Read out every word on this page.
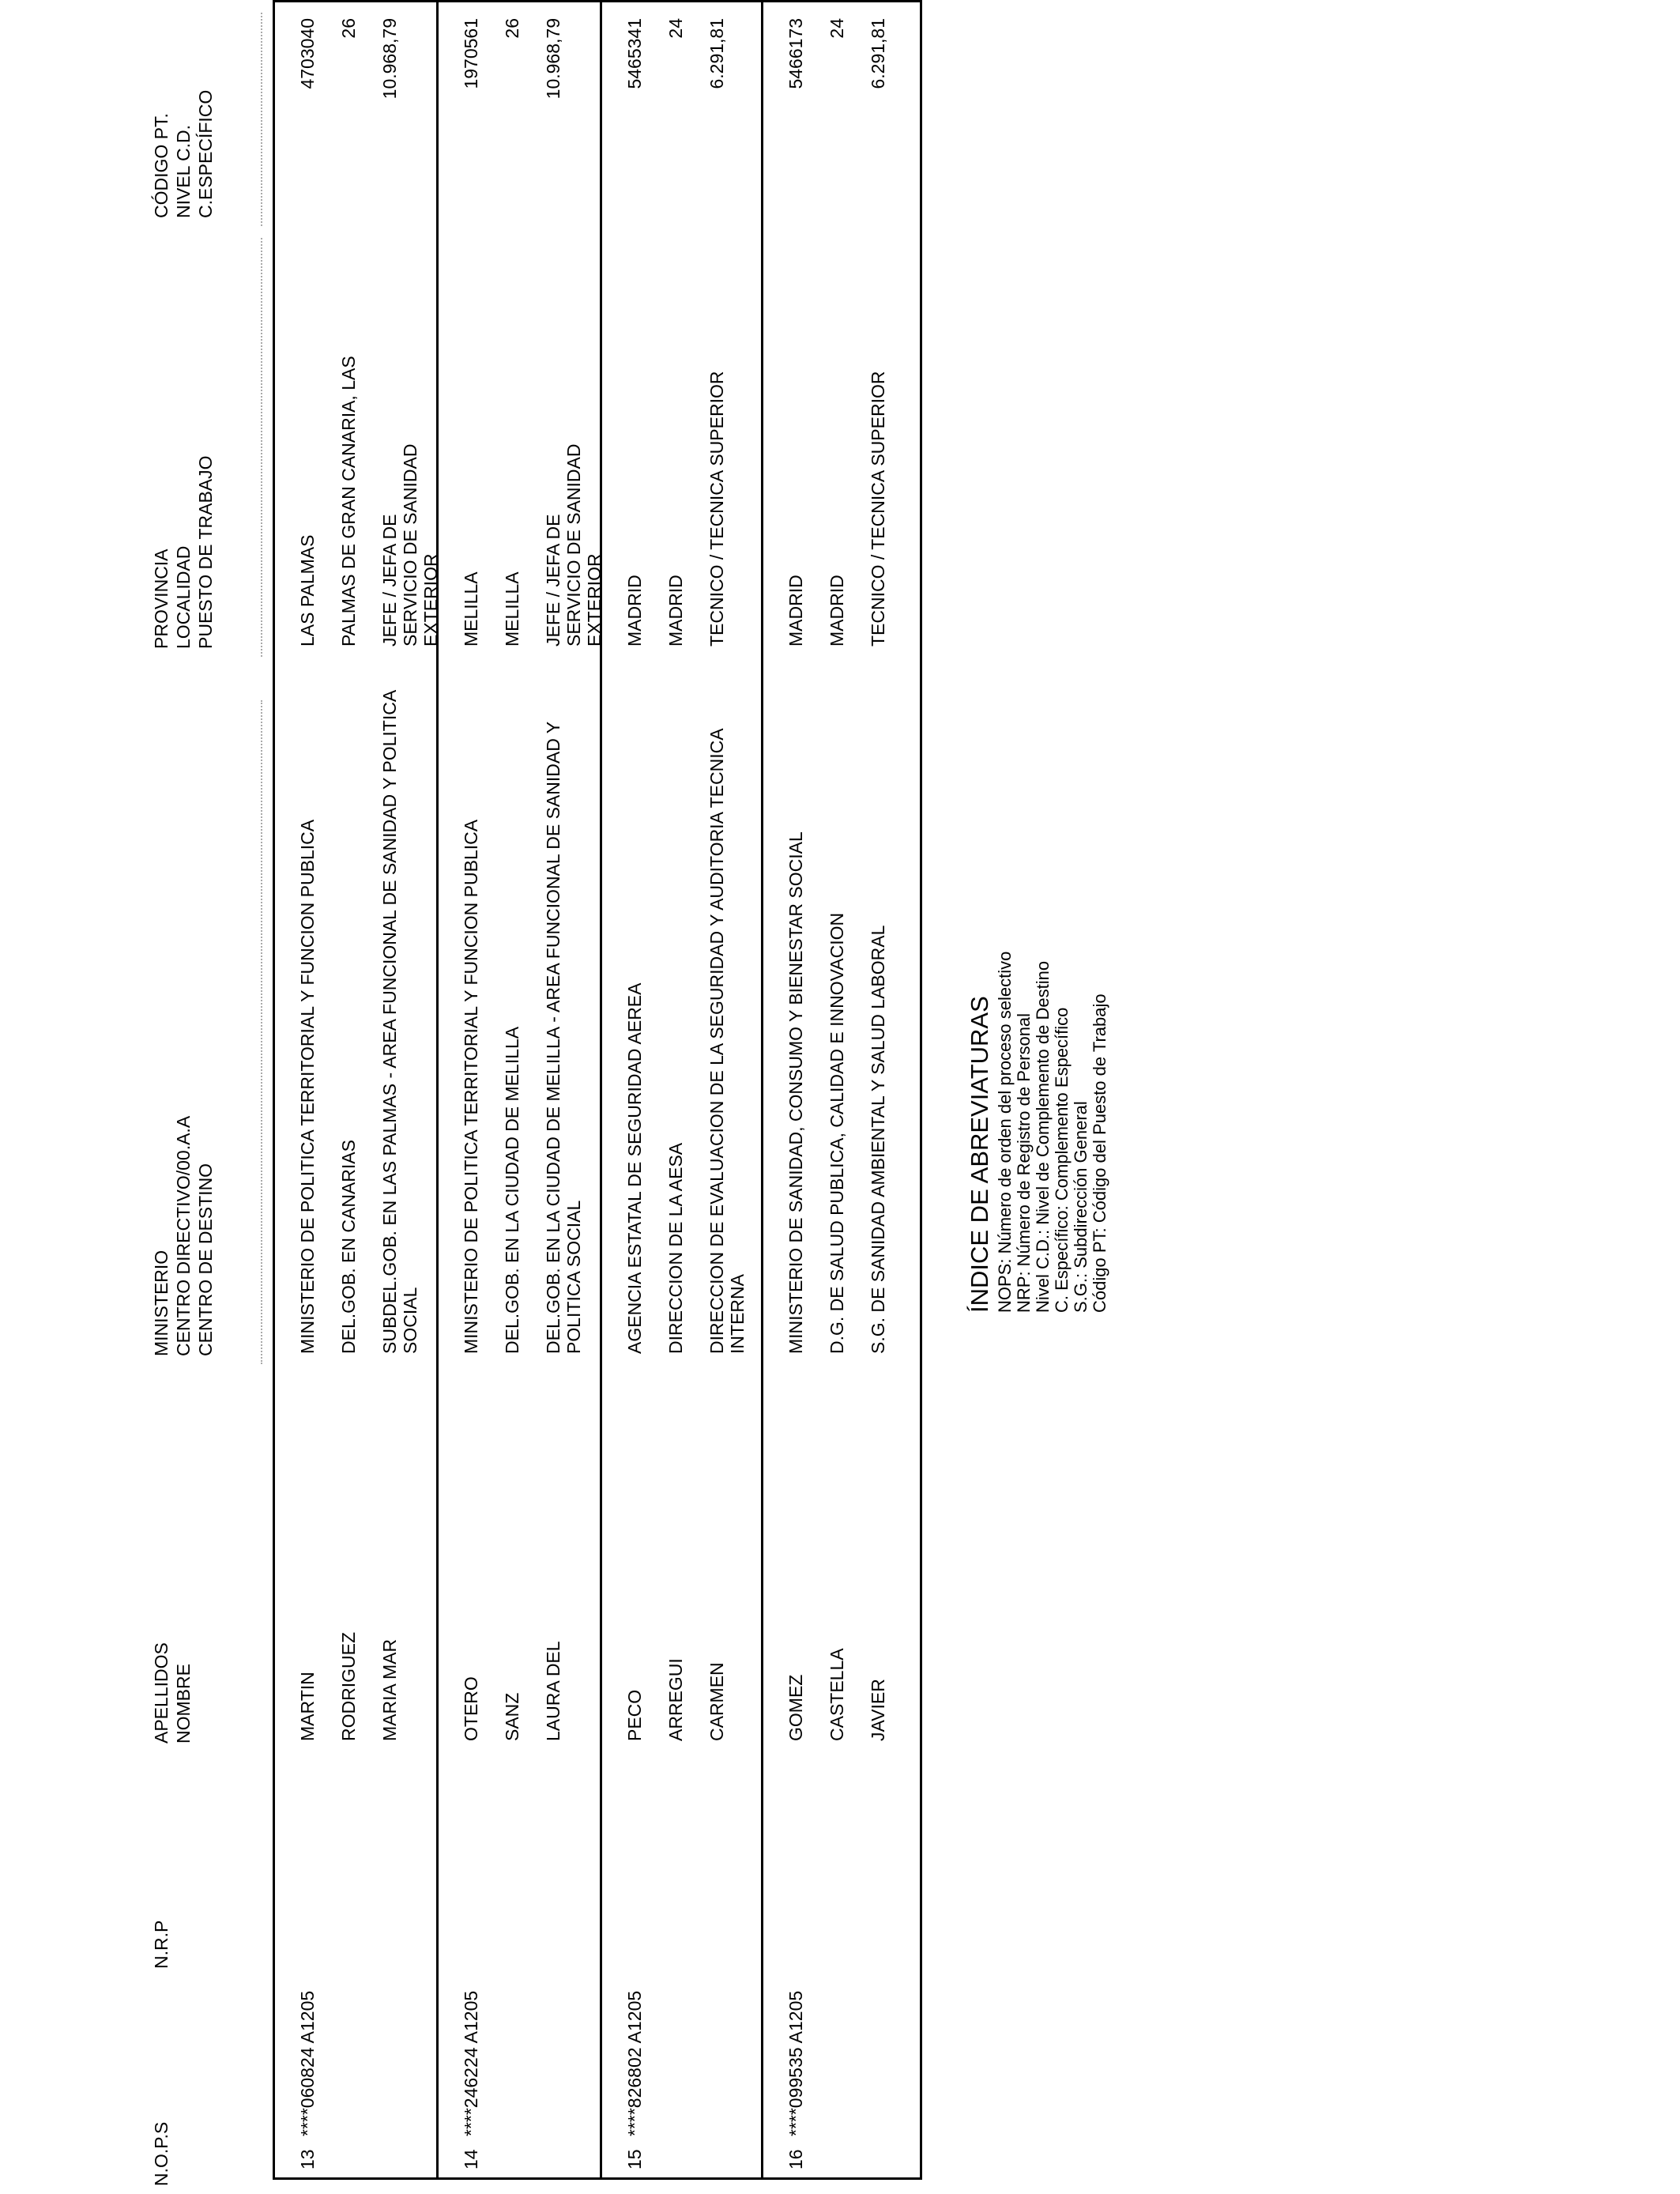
N.O.P.S
N.R.P
APELLIDOS NOMBRE
MINISTERIO CENTRO DIRECTIVO/00.A.A CENTRO DE DESTINO
PROVINCIA LOCALIDAD PUESTO DE TRABAJO
CÓDIGO PT. NIVEL C.D. C.ESPECÍFICO
13
****060824 A1205
MARTIN RODRIGUEZ MARIA MAR
MINISTERIO DE POLITICA TERRITORIAL Y FUNCION PUBLICA DEL.GOB. EN CANARIAS SUBDEL.GOB. EN LAS PALMAS - AREA FUNCIONAL DE SANIDAD Y POLITICA SOCIAL
LAS PALMAS PALMAS DE GRAN CANARIA, LAS JEFE / JEFA DE SERVICIO DE SANIDAD EXTERIOR
4703040 26 10.968,79
14
****246224 A1205
OTERO SANZ LAURA DEL
MINISTERIO DE POLITICA TERRITORIAL Y FUNCION PUBLICA DEL.GOB. EN LA CIUDAD DE MELILLA DEL.GOB. EN LA CIUDAD DE MELILLA - AREA FUNCIONAL DE SANIDAD Y POLITICA SOCIAL
MELILLA MELILLA JEFE / JEFA DE SERVICIO DE SANIDAD EXTERIOR
1970561 26 10.968,79
15
****826802 A1205
PECO ARREGUI CARMEN
AGENCIA ESTATAL DE SEGURIDAD AEREA DIRECCION DE LA AESA DIRECCION DE EVALUACION DE LA SEGURIDAD Y AUDITORIA TECNICA INTERNA
MADRID MADRID TECNICO / TECNICA SUPERIOR
5465341 24 6.291,81
16
****099535 A1205
GOMEZ CASTELLA JAVIER
MINISTERIO DE SANIDAD, CONSUMO Y BIENESTAR SOCIAL D.G. DE SALUD PUBLICA, CALIDAD E INNOVACION S.G. DE SANIDAD AMBIENTAL Y SALUD LABORAL
MADRID MADRID TECNICO / TECNICA SUPERIOR
5466173 24 6.291,81
ÍNDICE DE ABREVIATURAS NOPS: Número de orden del proceso selectivo NRP: Número de Registro de Personal Nivel C.D.: Nivel de Complemento de Destino C. Específico: Complemento Específico S.G.: Subdirección General Código PT: Código del Puesto de Trabajo
